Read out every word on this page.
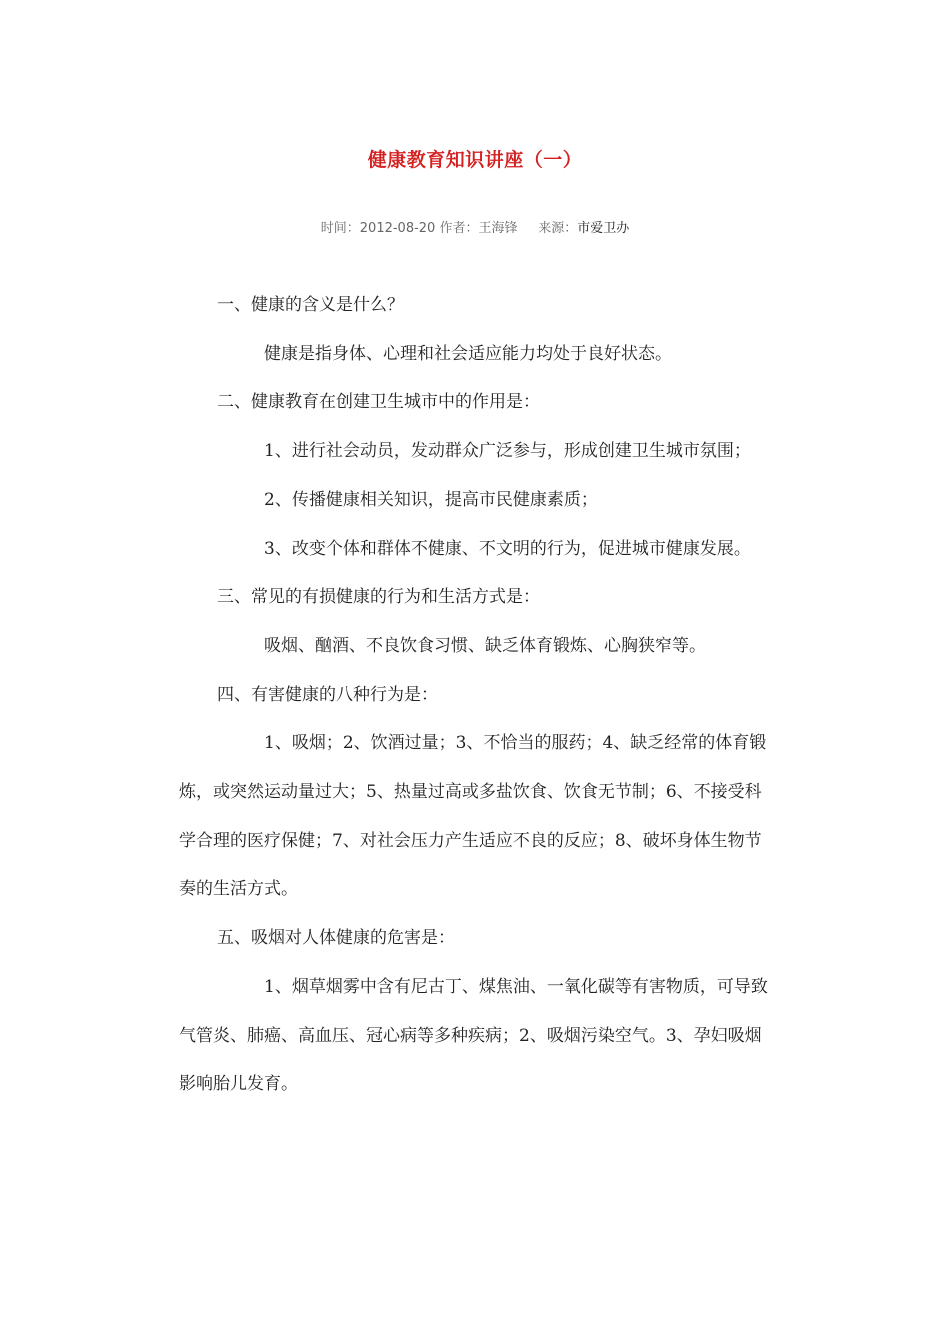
健康教育知识讲座（一）
时间：2012-08-20 作者：王海锋 来源：市爱卫办

一、健康的含义是什么？

健康是指身体、心理和社会适应能力均处于良好状态。

二、健康教育在创建卫生城市中的作用是：

1、进行社会动员，发动群众广泛参与，形成创建卫生城市氛围；

2、传播健康相关知识，提高市民健康素质；

3、改变个体和群体不健康、不文明的行为，促进城市健康发展。

三、常见的有损健康的行为和生活方式是：

吸烟、酗酒、不良饮食习惯、缺乏体育锻炼、心胸狭窄等。

四、有害健康的八种行为是：

1、吸烟；2、饮酒过量；3、不恰当的服药；4、缺乏经常的体育锻炼，或突然运动量过大；5、热量过高或多盐饮食、饮食无节制；6、不接受科学合理的医疗保健；7、对社会压力产生适应不良的反应；8、破坏身体生物节奏的生活方式。

五、吸烟对人体健康的危害是：

1、烟草烟雾中含有尼古丁、煤焦油、一氧化碳等有害物质，可导致气管炎、肺癌、高血压、冠心病等多种疾病；2、吸烟污染空气。3、孕妇吸烟影响胎儿发育。
